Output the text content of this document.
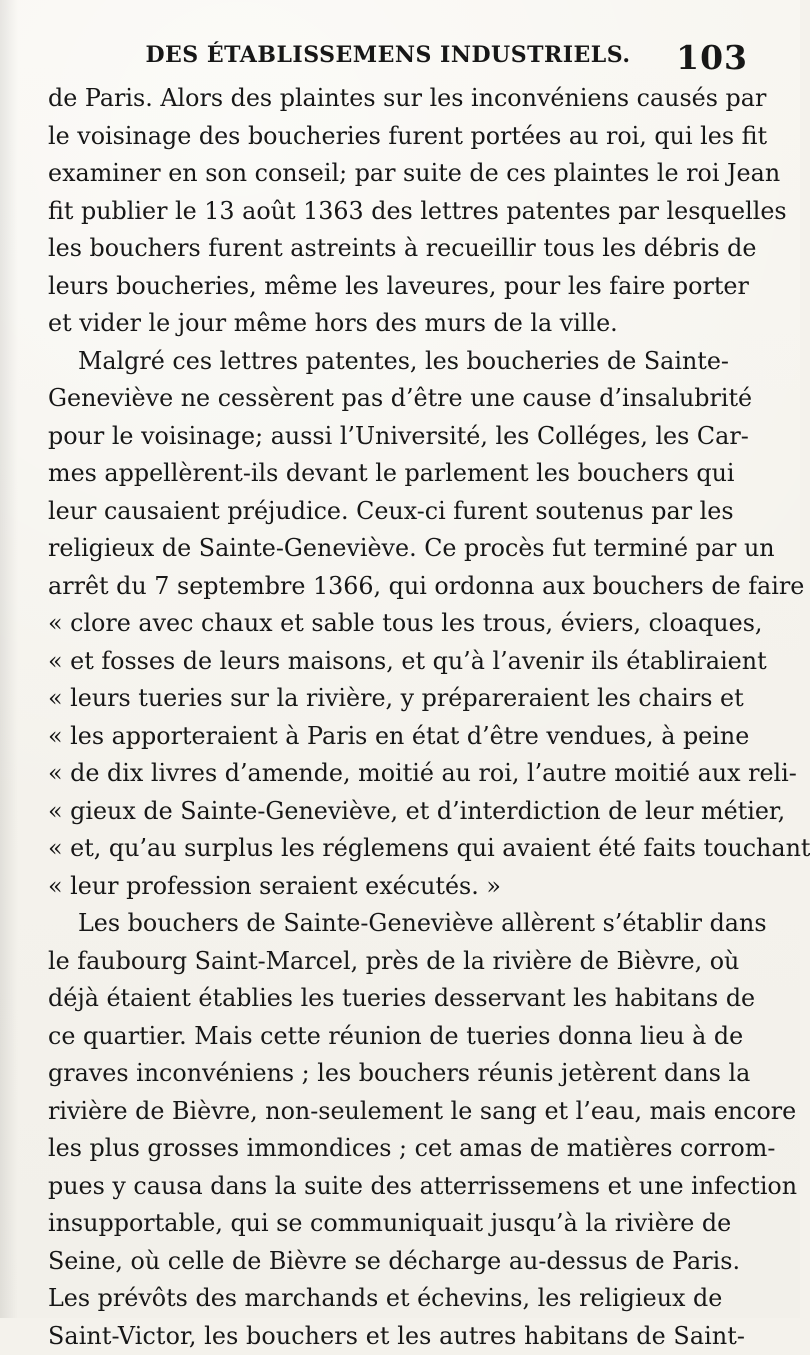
DES ÉTABLISSEMENS INDUSTRIELS. 103
de Paris. Alors des plaintes sur les inconvéniens causés par
le voisinage des boucheries furent portées au roi, qui les fit
examiner en son conseil; par suite de ces plaintes le roi Jean
fit publier le 13 août 1363 des lettres patentes par lesquelles
les bouchers furent astreints à recueillir tous les débris de
leurs boucheries, même les laveures, pour les faire porter
et vider le jour même hors des murs de la ville.
Malgré ces lettres patentes, les boucheries de Sainte-
Geneviève ne cessèrent pas d’être une cause d’insalubrité
pour le voisinage; aussi l’Université, les Colléges, les Car-
mes appellèrent-ils devant le parlement les bouchers qui
leur causaient préjudice. Ceux-ci furent soutenus par les
religieux de Sainte-Geneviève. Ce procès fut terminé par un
arrêt du 7 septembre 1366, qui ordonna aux bouchers de faire
« clore avec chaux et sable tous les trous, éviers, cloaques,
« et fosses de leurs maisons, et qu’à l’avenir ils établiraient
« leurs tueries sur la rivière, y prépareraient les chairs et
« les apporteraient à Paris en état d’être vendues, à peine
« de dix livres d’amende, moitié au roi, l’autre moitié aux reli-
« gieux de Sainte-Geneviève, et d’interdiction de leur métier,
« et, qu’au surplus les réglemens qui avaient été faits touchant
« leur profession seraient exécutés. »
Les bouchers de Sainte-Geneviève allèrent s’établir dans
le faubourg Saint-Marcel, près de la rivière de Bièvre, où
déjà étaient établies les tueries desservant les habitans de
ce quartier. Mais cette réunion de tueries donna lieu à de
graves inconvéniens ; les bouchers réunis jetèrent dans la
rivière de Bièvre, non-seulement le sang et l’eau, mais encore
les plus grosses immondices ; cet amas de matières corrom-
pues y causa dans la suite des atterrissemens et une infection
insupportable, qui se communiquait jusqu’à la rivière de
Seine, où celle de Bièvre se décharge au-dessus de Paris.
Les prévôts des marchands et échevins, les religieux de
Saint-Victor, les bouchers et les autres habitans de Saint-
